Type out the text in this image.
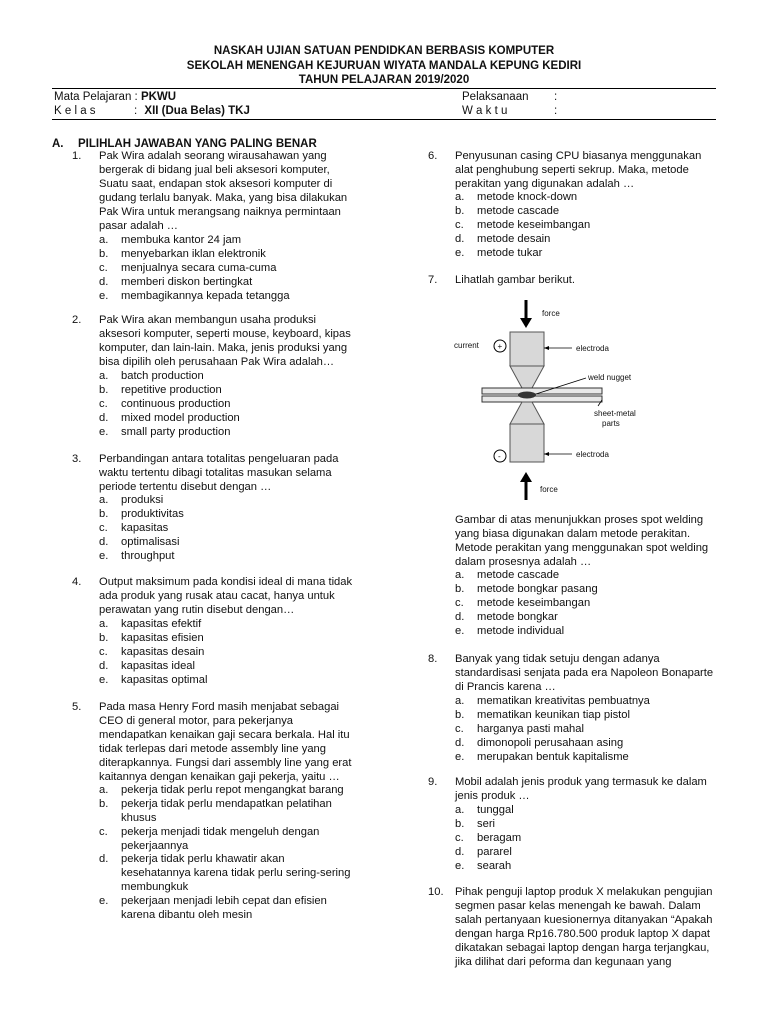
NASKAH UJIAN SATUAN PENDIDKAN BERBASIS KOMPUTER
SEKOLAH MENENGAH KEJURUAN WIYATA MANDALA KEPUNG KEDIRI
TAHUN PELAJARAN 2019/2020
Mata Pelajaran : PKWU
K e l a s	: XII (Dua Belas) TKJ
Pelaksanaan :
W a k t u	:
A. PILIHLAH JAWABAN YANG PALING BENAR
1. Pak Wira adalah seorang wirausahawan yang
bergerak di bidang jual beli aksesori komputer,
Suatu saat, endapan stok aksesori komputer di
gudang terlalu banyak. Maka, yang bisa dilakukan
Pak Wira untuk merangsang naiknya permintaan
pasar adalah …
a. membuka kantor 24 jam
b. menyebarkan iklan elektronik
c. menjualnya secara cuma-cuma
d. memberi diskon bertingkat
e. membagikannya kepada tetangga
2. Pak Wira akan membangun usaha produksi
aksesori komputer, seperti mouse, keyboard, kipas
komputer, dan lain-lain. Maka, jenis produksi yang
bisa dipilih oleh perusahaan Pak Wira adalah…
a. batch production
b. repetitive production
c. continuous production
d. mixed model production
e. small party production
3. Perbandingan antara totalitas pengeluaran pada
waktu tertentu dibagi totalitas masukan selama
periode tertentu disebut dengan …
a. produksi
b. produktivitas
c. kapasitas
d. optimalisasi
e. throughput
4. Output maksimum pada kondisi ideal di mana tidak
ada produk yang rusak atau cacat, hanya untuk
perawatan yang rutin disebut dengan…
a. kapasitas efektif
b. kapasitas efisien
c. kapasitas desain
d. kapasitas ideal
e. kapasitas optimal
5. Pada masa Henry Ford masih menjabat sebagai
CEO di general motor, para pekerjanya
mendapatkan kenaikan gaji secara berkala. Hal itu
tidak terlepas dari metode assembly line yang
diterapkannya. Fungsi dari assembly line yang erat
kaitannya dengan kenaikan gaji pekerja, yaitu …
a. pekerja tidak perlu repot mengangkat barang
b. pekerja tidak perlu mendapatkan pelatihan
khusus
c. pekerja menjadi tidak mengeluh dengan
pekerjaannya
d. pekerja tidak perlu khawatir akan
kesehatannya karena tidak perlu sering-sering
membungkuk
e. pekerjaan menjadi lebih cepat dan efisien
karena dibantu oleh mesin
6. Penyusunan casing CPU biasanya menggunakan
alat penghubung seperti sekrup. Maka, metode
perakitan yang digunakan adalah …
a. metode knock-down
b. metode cascade
c. metode keseimbangan
d. metode desain
e. metode tukar
7. Lihatlah gambar berikut.
force
force
current +
-
electroda
weld nugget
sheet-metal
parts
electroda
Gambar di atas menunjukkan proses spot welding
yang biasa digunakan dalam metode perakitan.
Metode perakitan yang menggunakan spot welding
dalam prosesnya adalah …
a. metode cascade
b. metode bongkar pasang
c. metode keseimbangan
d. metode bongkar
e. metode individual
8. Banyak yang tidak setuju dengan adanya
standardisasi senjata pada era Napoleon Bonaparte
di Prancis karena …
a. mematikan kreativitas pembuatnya
b. mematikan keunikan tiap pistol
c. harganya pasti mahal
d. dimonopoli perusahaan asing
e. merupakan bentuk kapitalisme
9. Mobil adalah jenis produk yang termasuk ke dalam
jenis produk …
a. tunggal
b. seri
c. beragam
d. pararel
e. searah
10. Pihak penguji laptop produk X melakukan pengujian
segmen pasar kelas menengah ke bawah. Dalam
salah pertanyaan kuesionernya ditanyakan “Apakah
dengan harga Rp16.780.500 produk laptop X dapat
dikatakan sebagai laptop dengan harga terjangkau,
jika dilihat dari peforma dan kegunaan yang
